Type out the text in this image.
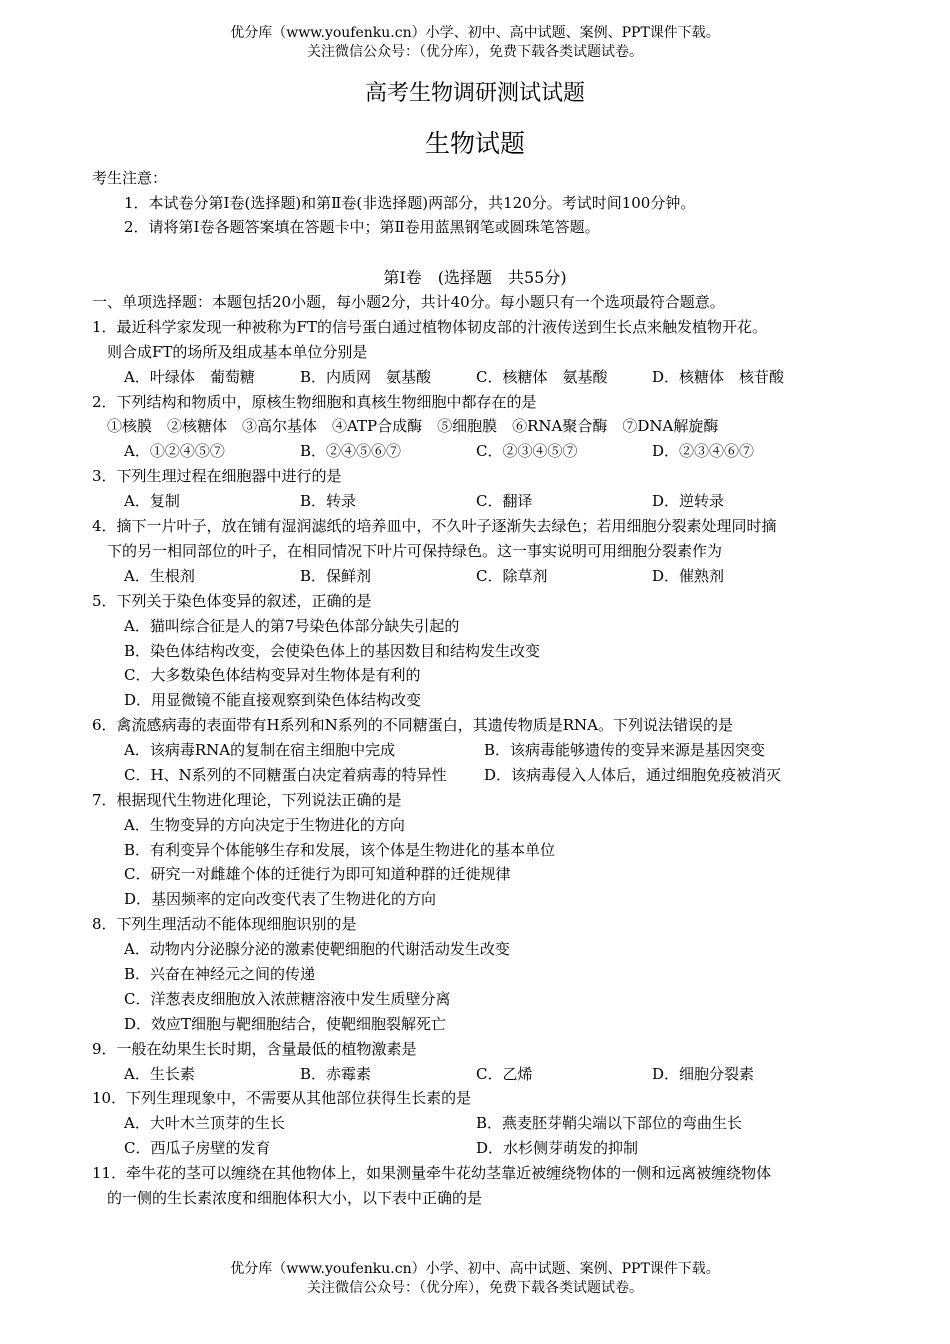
优分库（www.youfenku.cn）小学、初中、高中试题、案例、PPT课件下载。
关注微信公众号：（优分库），免费下载各类试题试卷。
高考生物调研测试试题
生物试题
考生注意：
1．本试卷分第Ⅰ卷(选择题)和第Ⅱ卷(非选择题)两部分，共120分。考试时间100分钟。
2．请将第Ⅰ卷各题答案填在答题卡中；第Ⅱ卷用蓝黑钢笔或圆珠笔答题。
第Ⅰ卷　(选择题　共55分)
一、单项选择题：本题包括20小题，每小题2分，共计40分。每小题只有一个选项最符合题意。
1．最近科学家发现一种被称为FT的信号蛋白通过植物体韧皮部的汁液传送到生长点来触发植物开花。
则合成FT的场所及组成基本单位分别是
A．叶绿体　葡萄糖	B．内质网　氨基酸	C．核糖体　氨基酸	D．核糖体　核苷酸
2．下列结构和物质中，原核生物细胞和真核生物细胞中都存在的是
①核膜　②核糖体　③高尔基体　④ATP合成酶　⑤细胞膜　⑥RNA聚合酶　⑦DNA解旋酶
A．①②④⑤⑦	B．②④⑤⑥⑦	C．②③④⑤⑦	D．②③④⑥⑦
3．下列生理过程在细胞器中进行的是
A．复制	B．转录	C．翻译	D．逆转录
4．摘下一片叶子，放在铺有湿润滤纸的培养皿中，不久叶子逐渐失去绿色；若用细胞分裂素处理同时摘
下的另一相同部位的叶子，在相同情况下叶片可保持绿色。这一事实说明可用细胞分裂素作为
A．生根剂	B．保鲜剂	C．除草剂	D．催熟剂
5．下列关于染色体变异的叙述，正确的是
A．猫叫综合征是人的第7号染色体部分缺失引起的
B．染色体结构改变，会使染色体上的基因数目和结构发生改变
C．大多数染色体结构变异对生物体是有利的
D．用显微镜不能直接观察到染色体结构改变
6．禽流感病毒的表面带有H系列和N系列的不同糖蛋白，其遗传物质是RNA。下列说法错误的是
A．该病毒RNA的复制在宿主细胞中完成	B．该病毒能够遗传的变异来源是基因突变
C．H、N系列的不同糖蛋白决定着病毒的特异性 D．该病毒侵入人体后，通过细胞免疫被消灭
7．根据现代生物进化理论，下列说法正确的是
A．生物变异的方向决定于生物进化的方向
B．有利变异个体能够生存和发展，该个体是生物进化的基本单位
C．研究一对雌雄个体的迁徙行为即可知道种群的迁徙规律
D．基因频率的定向改变代表了生物进化的方向
8．下列生理活动不能体现细胞识别的是
A．动物内分泌腺分泌的激素使靶细胞的代谢活动发生改变
B．兴奋在神经元之间的传递
C．洋葱表皮细胞放入浓蔗糖溶液中发生质壁分离
D．效应T细胞与靶细胞结合，使靶细胞裂解死亡
9．一般在幼果生长时期，含量最低的植物激素是
A．生长素	B．赤霉素	C．乙烯	D．细胞分裂素
10．下列生理现象中，不需要从其他部位获得生长素的是
A．大叶木兰顶芽的生长	B．燕麦胚芽鞘尖端以下部位的弯曲生长
C．西瓜子房壁的发育	D．水杉侧芽萌发的抑制
11．牵牛花的茎可以缠绕在其他物体上，如果测量牵牛花幼茎靠近被缠绕物体的一侧和远离被缠绕物体
的一侧的生长素浓度和细胞体积大小，以下表中正确的是
优分库（www.youfenku.cn）小学、初中、高中试题、案例、PPT课件下载。
关注微信公众号：（优分库），免费下载各类试题试卷。
